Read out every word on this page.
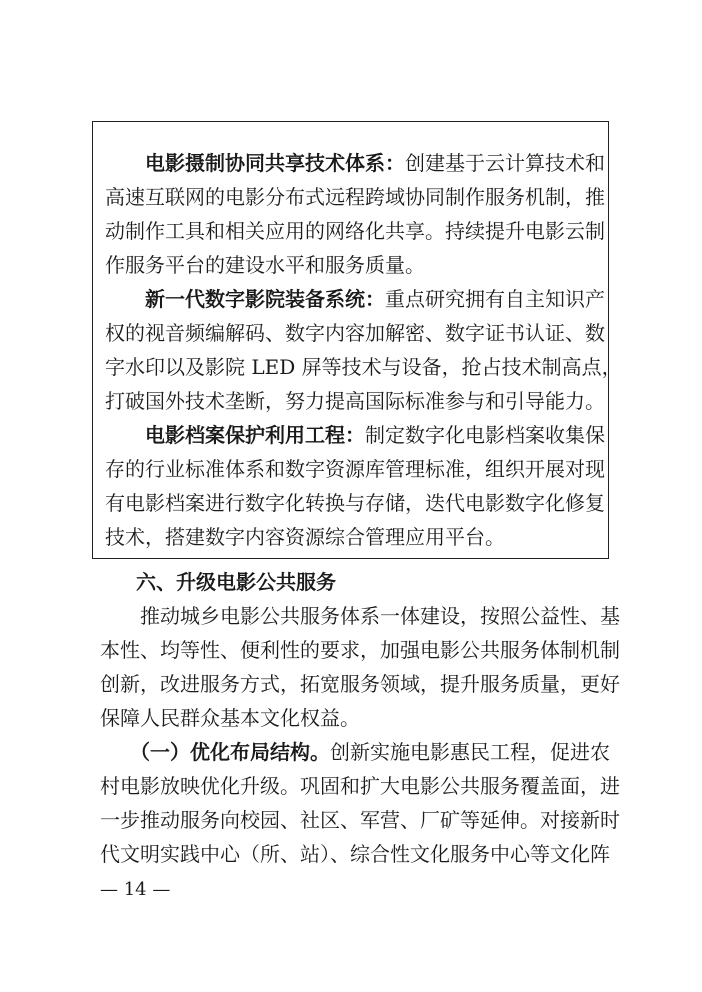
电影摄制协同共享技术体系：创建基于云计算技术和
高速互联网的电影分布式远程跨域协同制作服务机制，推
动制作工具和相关应用的网络化共享。持续提升电影云制
作服务平台的建设水平和服务质量。
新一代数字影院装备系统：重点研究拥有自主知识产
权的视音频编解码、数字内容加解密、数字证书认证、数
字水印以及影院 LED 屏等技术与设备，抢占技术制高点，
打破国外技术垄断，努力提高国际标准参与和引导能力。
电影档案保护利用工程：制定数字化电影档案收集保
存的行业标准体系和数字资源库管理标准，组织开展对现
有电影档案进行数字化转换与存储，迭代电影数字化修复
技术，搭建数字内容资源综合管理应用平台。
六、升级电影公共服务
推动城乡电影公共服务体系一体建设，按照公益性、基
本性、均等性、便利性的要求，加强电影公共服务体制机制
创新，改进服务方式，拓宽服务领域，提升服务质量，更好
保障人民群众基本文化权益。
（一）优化布局结构。创新实施电影惠民工程，促进农
村电影放映优化升级。巩固和扩大电影公共服务覆盖面，进
一步推动服务向校园、社区、军营、厂矿等延伸。对接新时
代文明实践中心（所、站）、综合性文化服务中心等文化阵
— 14 —
